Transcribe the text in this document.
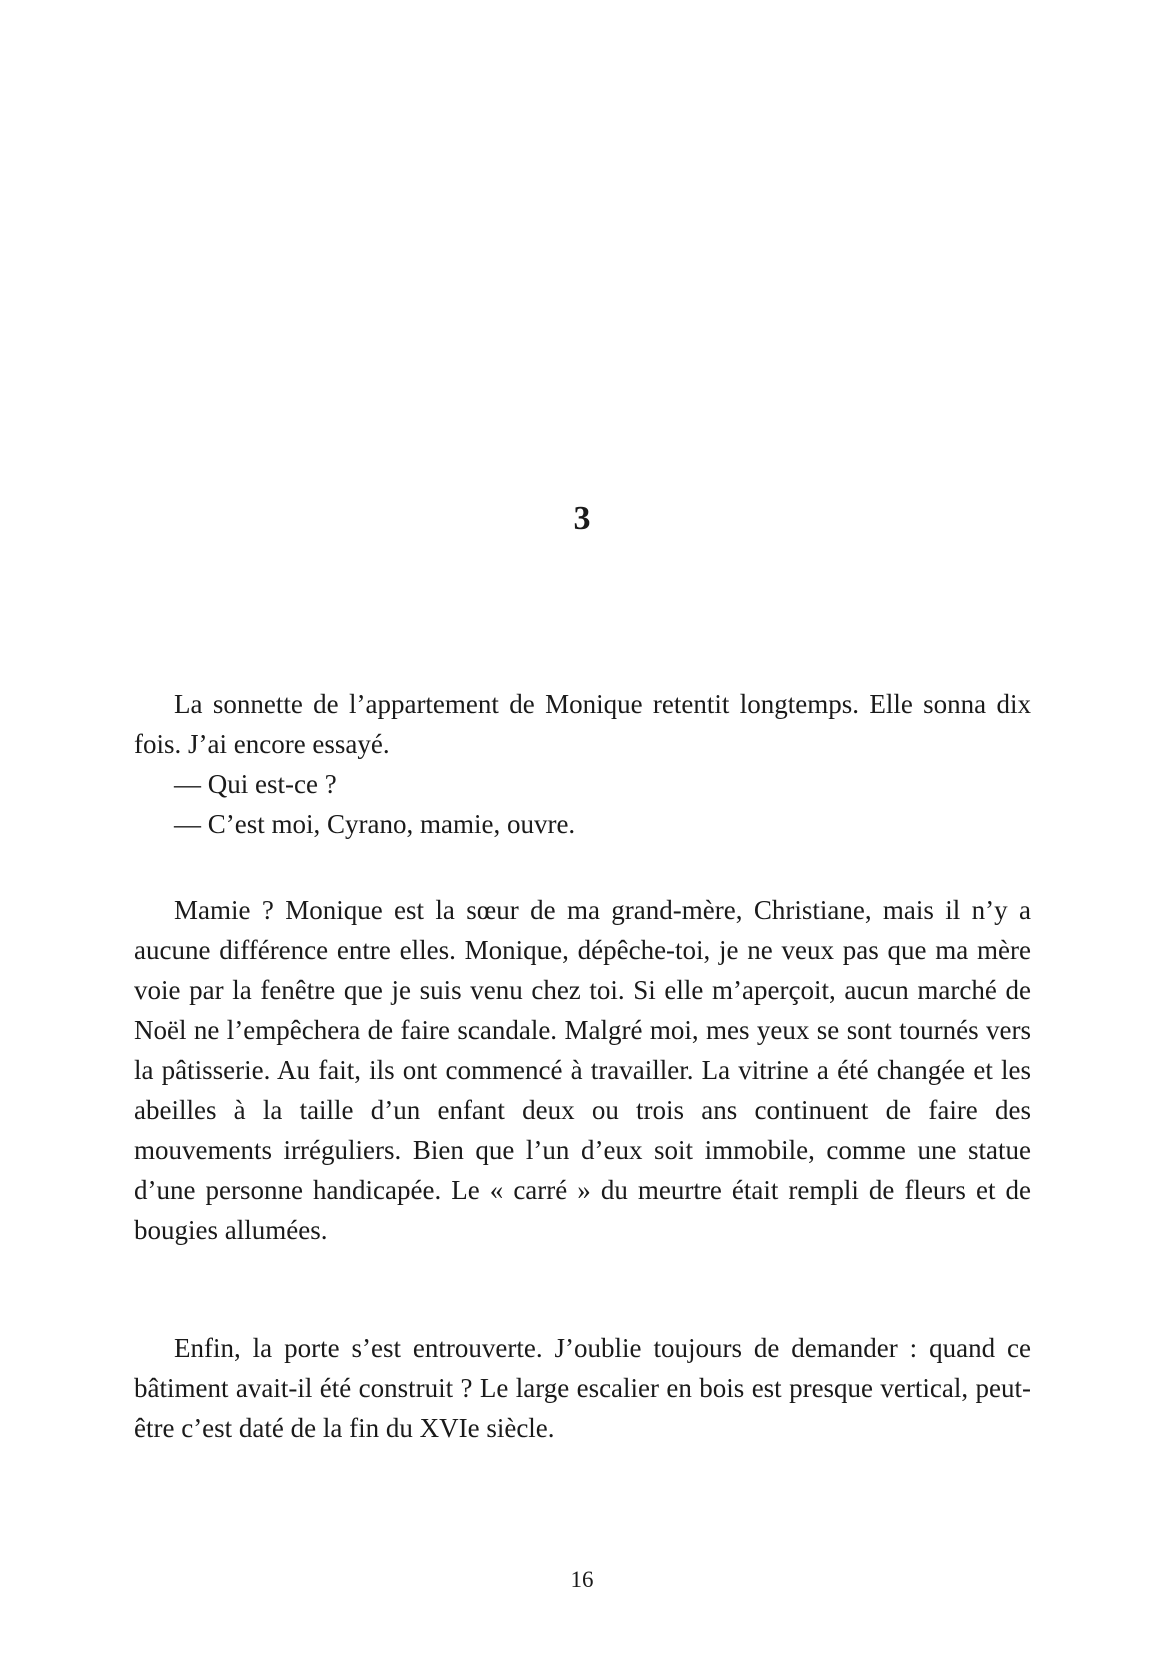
3

La sonnette de l’appartement de Monique retentit longtemps. Elle sonna dix fois. J’ai encore essayé.

— Qui est-ce ?

— C’est moi, Cyrano, mamie, ouvre.

Mamie ? Monique est la sœur de ma grand-mère, Christiane, mais il n’y a aucune différence entre elles. Monique, dépêche-toi, je ne veux pas que ma mère voie par la fenêtre que je suis venu chez toi. Si elle m’aperçoit, aucun marché de Noël ne l’empêchera de faire scandale. Malgré moi, mes yeux se sont tournés vers la pâtisserie. Au fait, ils ont commencé à travailler. La vitrine a été changée et les abeilles à la taille d’un enfant deux ou trois ans continuent de faire des mouvements irréguliers. Bien que l’un d’eux soit immobile, comme une statue d’une personne handicapée. Le « carré » du meurtre était rempli de fleurs et de bougies allumées.

Enfin, la porte s’est entrouverte. J’oublie toujours de demander : quand ce bâtiment avait-il été construit ? Le large escalier en bois est presque vertical, peut-être c’est daté de la fin du XVIe siècle.

16
